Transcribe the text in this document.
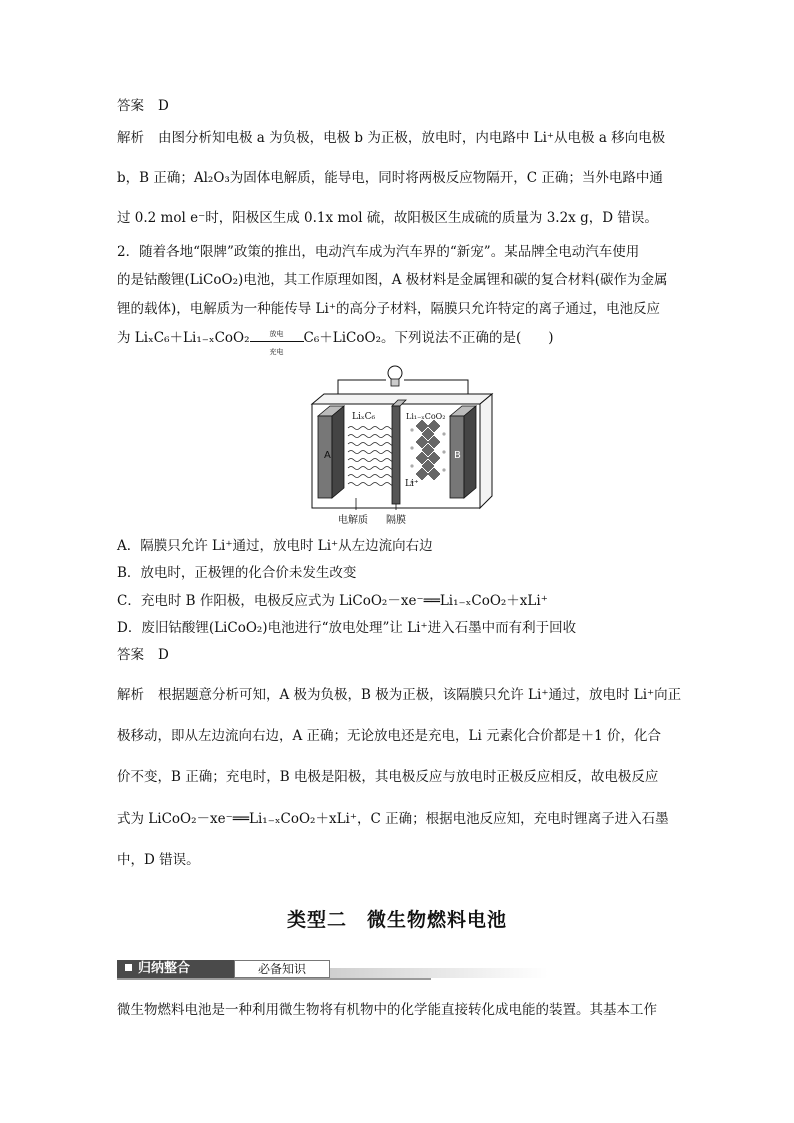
答案 D
解析 由图分析知电极 a 为负极，电极 b 为正极，放电时，内电路中 Li⁺从电极 a 移向电极
b，B 正确；Al₂O₃为固体电解质，能导电，同时将两极反应物隔开，C 正确；当外电路中通
过 0.2 mol e⁻时，阳极区生成 0.1x mol 硫，故阳极区生成硫的质量为 3.2x g，D 错误。
2．随着各地“限牌”政策的推出，电动汽车成为汽车界的“新宠”。某品牌全电动汽车使用
的是钴酸锂(LiCoO₂)电池，其工作原理如图，A 极材料是金属锂和碳的复合材料(碳作为金属
锂的载体)，电解质为一种能传导 Li⁺的高分子材料，隔膜只允许特定的离子通过，电池反应
为 LiₓC₆＋Li₁₋ₓCoO₂	放电
充电
C₆＋LiCoO₂。下列说法不正确的是(　　)
A	B
LiₓC₆	Li₁₋ₓCoO₂
Li⁺
电解质 隔膜
A．隔膜只允许 Li⁺通过，放电时 Li⁺从左边流向右边
B．放电时，正极锂的化合价未发生改变
C．充电时 B 作阳极，电极反应式为 LiCoO₂－xe⁻══Li₁₋ₓCoO₂＋xLi⁺
D．废旧钴酸锂(LiCoO₂)电池进行“放电处理”让 Li⁺进入石墨中而有利于回收
答案 D
解析 根据题意分析可知，A 极为负极，B 极为正极，该隔膜只允许 Li⁺通过，放电时 Li⁺向正
极移动，即从左边流向右边，A 正确；无论放电还是充电，Li 元素化合价都是＋1 价，化合
价不变，B 正确；充电时，B 电极是阳极，其电极反应与放电时正极反应相反，故电极反应
式为 LiCoO₂－xe⁻══Li₁₋ₓCoO₂＋xLi⁺，C 正确；根据电池反应知，充电时锂离子进入石墨
中，D 错误。
类型二　微生物燃料电池
归纳整合	必备知识
微生物燃料电池是一种利用微生物将有机物中的化学能直接转化成电能的装置。其基本工作
